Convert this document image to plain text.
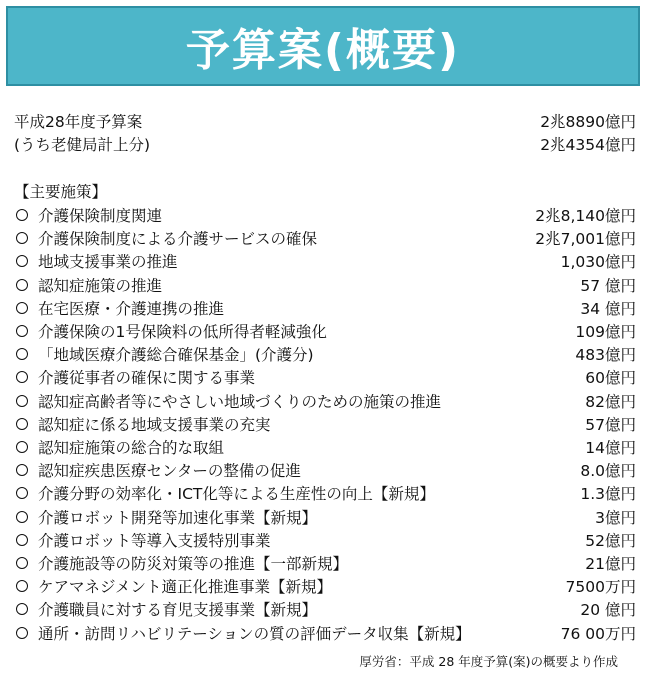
予算案(概要)
平成28年度予算案	2兆8890億円
(うち老健局計上分)	2兆4354億円
【主要施策】
介護保険制度関連	2兆8,140億円
介護保険制度による介護サービスの確保	2兆7,001億円
地域支援事業の推進	1,030億円
認知症施策の推進	57 億円
在宅医療・介護連携の推進	34 億円
介護保険の1号保険料の低所得者軽減強化	109億円
「地域医療介護総合確保基金」(介護分)	483億円
介護従事者の確保に関する事業	60億円
認知症高齢者等にやさしい地域づくりのための施策の推進	82億円
認知症に係る地域支援事業の充実	57億円
認知症施策の総合的な取組	14億円
認知症疾患医療センターの整備の促進	8.0億円
介護分野の効率化・ICT化等による生産性の向上【新規】	1.3億円
介護ロボット開発等加速化事業【新規】	3億円
介護ロボット等導入支援特別事業	52億円
介護施設等の防災対策等の推進【一部新規】	21億円
ケアマネジメント適正化推進事業【新規】	7500万円
介護職員に対する育児支援事業【新規】	20 億円
通所・訪問リハビリテーションの質の評価データ収集【新規】	76 00万円
厚労省：平成 28 年度予算(案)の概要より作成
